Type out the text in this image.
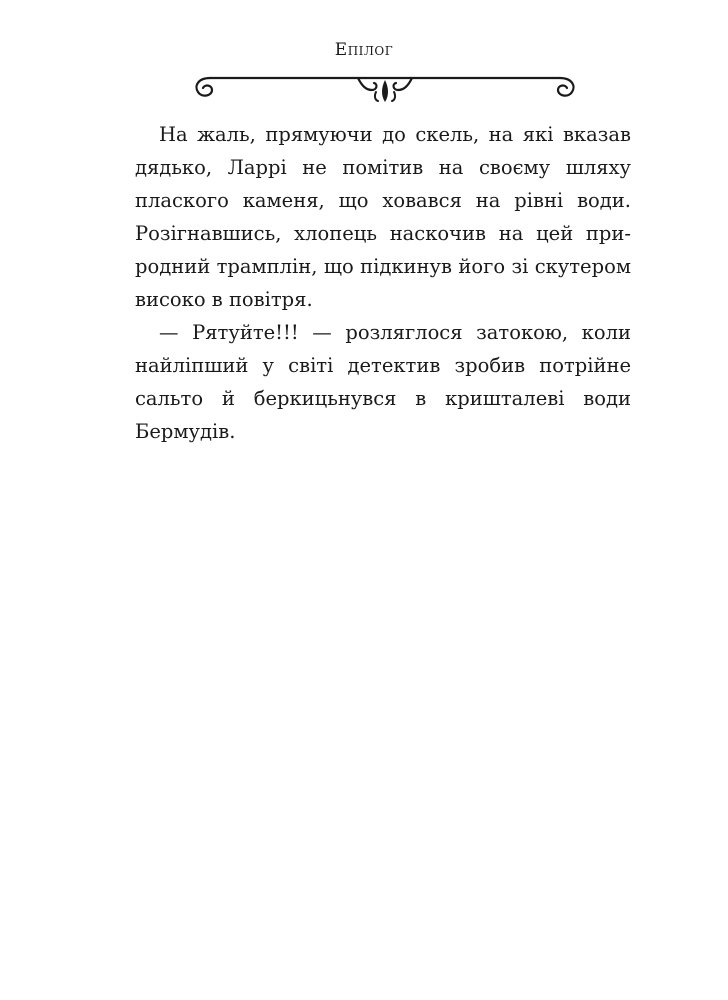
Епілог

На жаль, прямуючи до скель, на які вказав дядько, Ларрі не помітив на своєму шляху плаского каменя, що ховався на рівні води. Розігнавшись, хлопець наскочив на цей природний трамплін, що підкинув його зі скутером високо в повітря.

— Рятуйте!!! — розляглося затокою, коли найліпший у світі детектив зробив потрійне сальто й беркицьнувся в кришталеві води Бермудів.
